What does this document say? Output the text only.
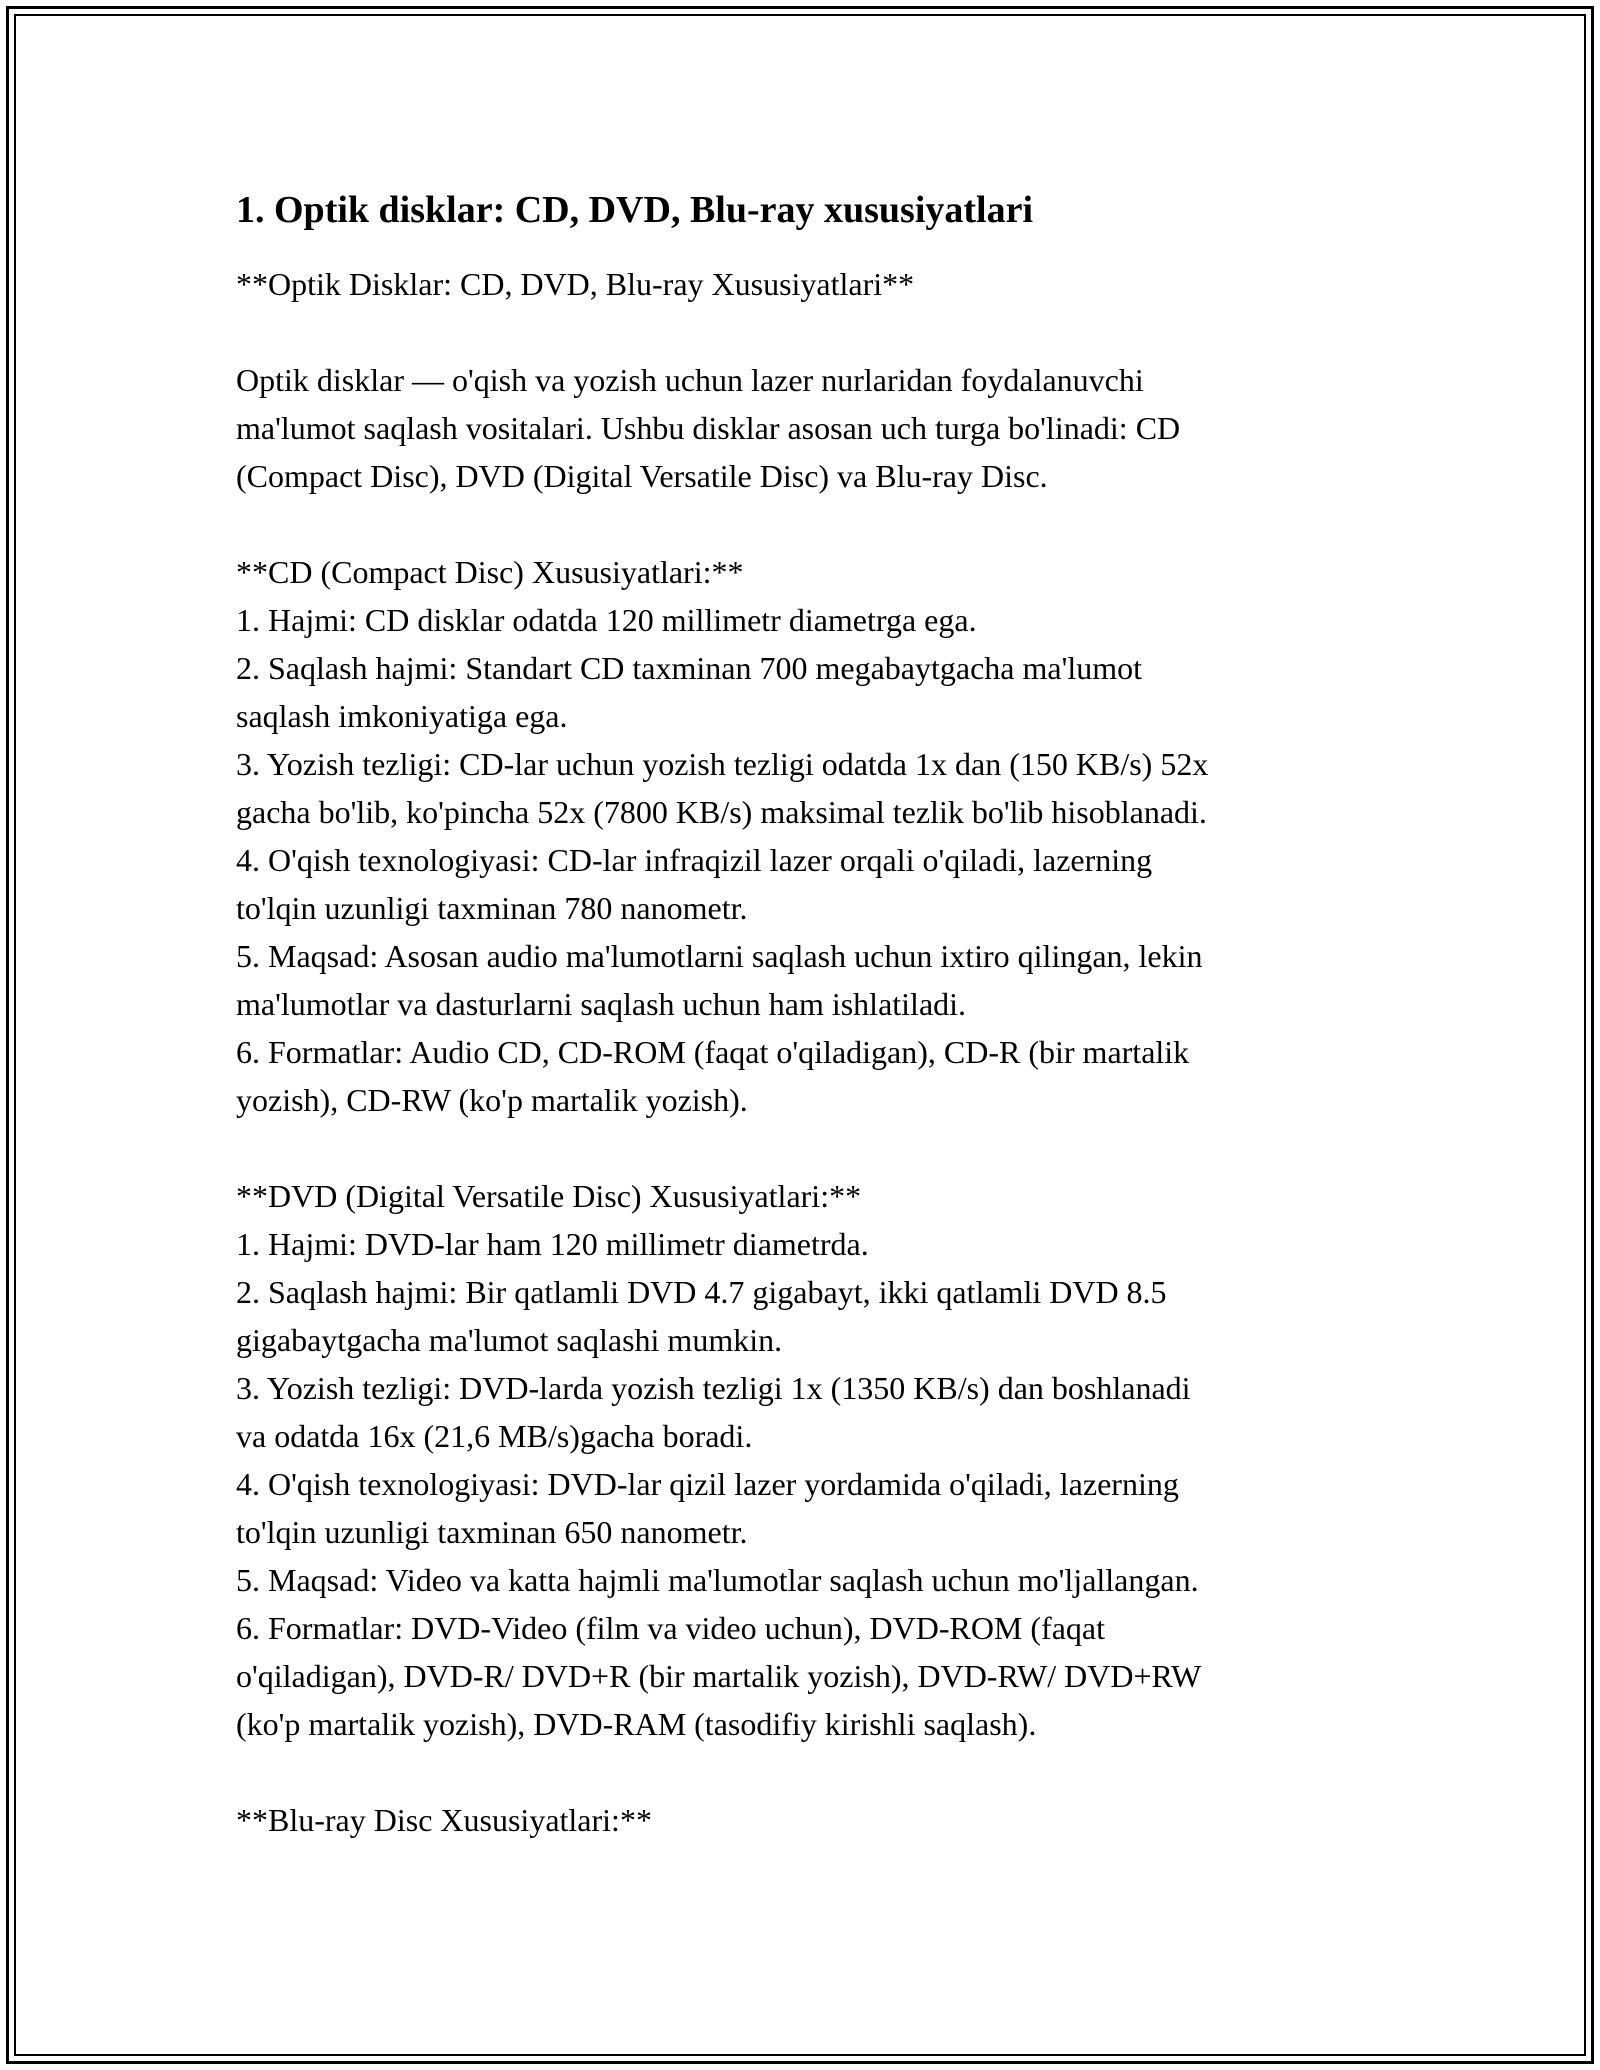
1. Optik disklar: CD, DVD, Blu-ray xususiyatlari
**Optik Disklar: CD, DVD, Blu-ray Xususiyatlari**
Optik disklar — o'qish va yozish uchun lazer nurlaridan foydalanuvchi
ma'lumot saqlash vositalari. Ushbu disklar asosan uch turga bo'linadi: CD
(Compact Disc), DVD (Digital Versatile Disc) va Blu-ray Disc.
**CD (Compact Disc) Xususiyatlari:**
1. Hajmi: CD disklar odatda 120 millimetr diametrga ega.
2. Saqlash hajmi: Standart CD taxminan 700 megabaytgacha ma'lumot
saqlash imkoniyatiga ega.
3. Yozish tezligi: CD-lar uchun yozish tezligi odatda 1x dan (150 KB/s) 52x
gacha bo'lib, ko'pincha 52x (7800 KB/s) maksimal tezlik bo'lib hisoblanadi.
4. O'qish texnologiyasi: CD-lar infraqizil lazer orqali o'qiladi, lazerning
to'lqin uzunligi taxminan 780 nanometr.
5. Maqsad: Asosan audio ma'lumotlarni saqlash uchun ixtiro qilingan, lekin
ma'lumotlar va dasturlarni saqlash uchun ham ishlatiladi.
6. Formatlar: Audio CD, CD-ROM (faqat o'qiladigan), CD-R (bir martalik
yozish), CD-RW (ko'p martalik yozish).
**DVD (Digital Versatile Disc) Xususiyatlari:**
1. Hajmi: DVD-lar ham 120 millimetr diametrda.
2. Saqlash hajmi: Bir qatlamli DVD 4.7 gigabayt, ikki qatlamli DVD 8.5
gigabaytgacha ma'lumot saqlashi mumkin.
3. Yozish tezligi: DVD-larda yozish tezligi 1x (1350 KB/s) dan boshlanadi
va odatda 16x (21,6 MB/s)gacha boradi.
4. O'qish texnologiyasi: DVD-lar qizil lazer yordamida o'qiladi, lazerning
to'lqin uzunligi taxminan 650 nanometr.
5. Maqsad: Video va katta hajmli ma'lumotlar saqlash uchun mo'ljallangan.
6. Formatlar: DVD-Video (film va video uchun), DVD-ROM (faqat
o'qiladigan), DVD-R/ DVD+R (bir martalik yozish), DVD-RW/ DVD+RW
(ko'p martalik yozish), DVD-RAM (tasodifiy kirishli saqlash).
**Blu-ray Disc Xususiyatlari:**
